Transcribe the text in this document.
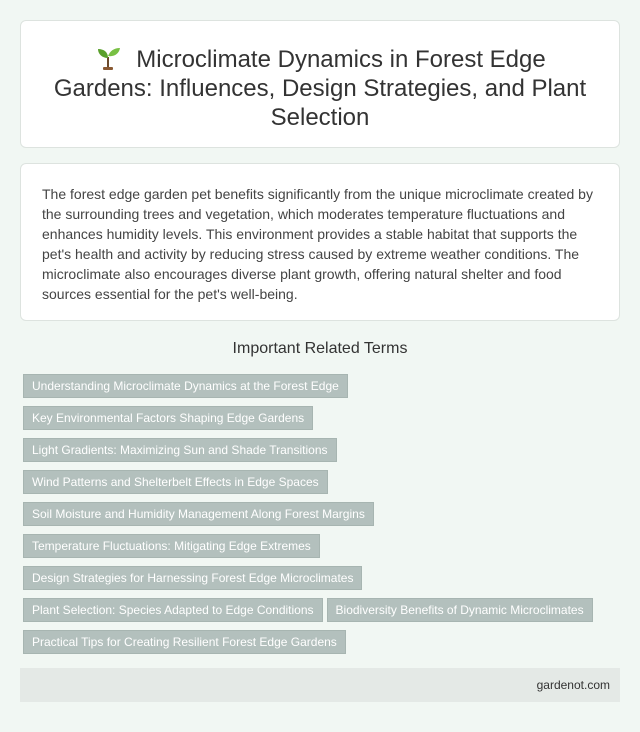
Microclimate Dynamics in Forest Edge Gardens: Influences, Design Strategies, and Plant Selection

The forest edge garden pet benefits significantly from the unique microclimate created by the surrounding trees and vegetation, which moderates temperature fluctuations and enhances humidity levels. This environment provides a stable habitat that supports the pet's health and activity by reducing stress caused by extreme weather conditions. The microclimate also encourages diverse plant growth, offering natural shelter and food sources essential for the pet's well-being.

Important Related Terms
Understanding Microclimate Dynamics at the Forest Edge
Key Environmental Factors Shaping Edge Gardens
Light Gradients: Maximizing Sun and Shade Transitions
Wind Patterns and Shelterbelt Effects in Edge Spaces
Soil Moisture and Humidity Management Along Forest Margins
Temperature Fluctuations: Mitigating Edge Extremes
Design Strategies for Harnessing Forest Edge Microclimates
Plant Selection: Species Adapted to Edge Conditions Biodiversity Benefits of Dynamic Microclimates
Practical Tips for Creating Resilient Forest Edge Gardens
gardenot.com
